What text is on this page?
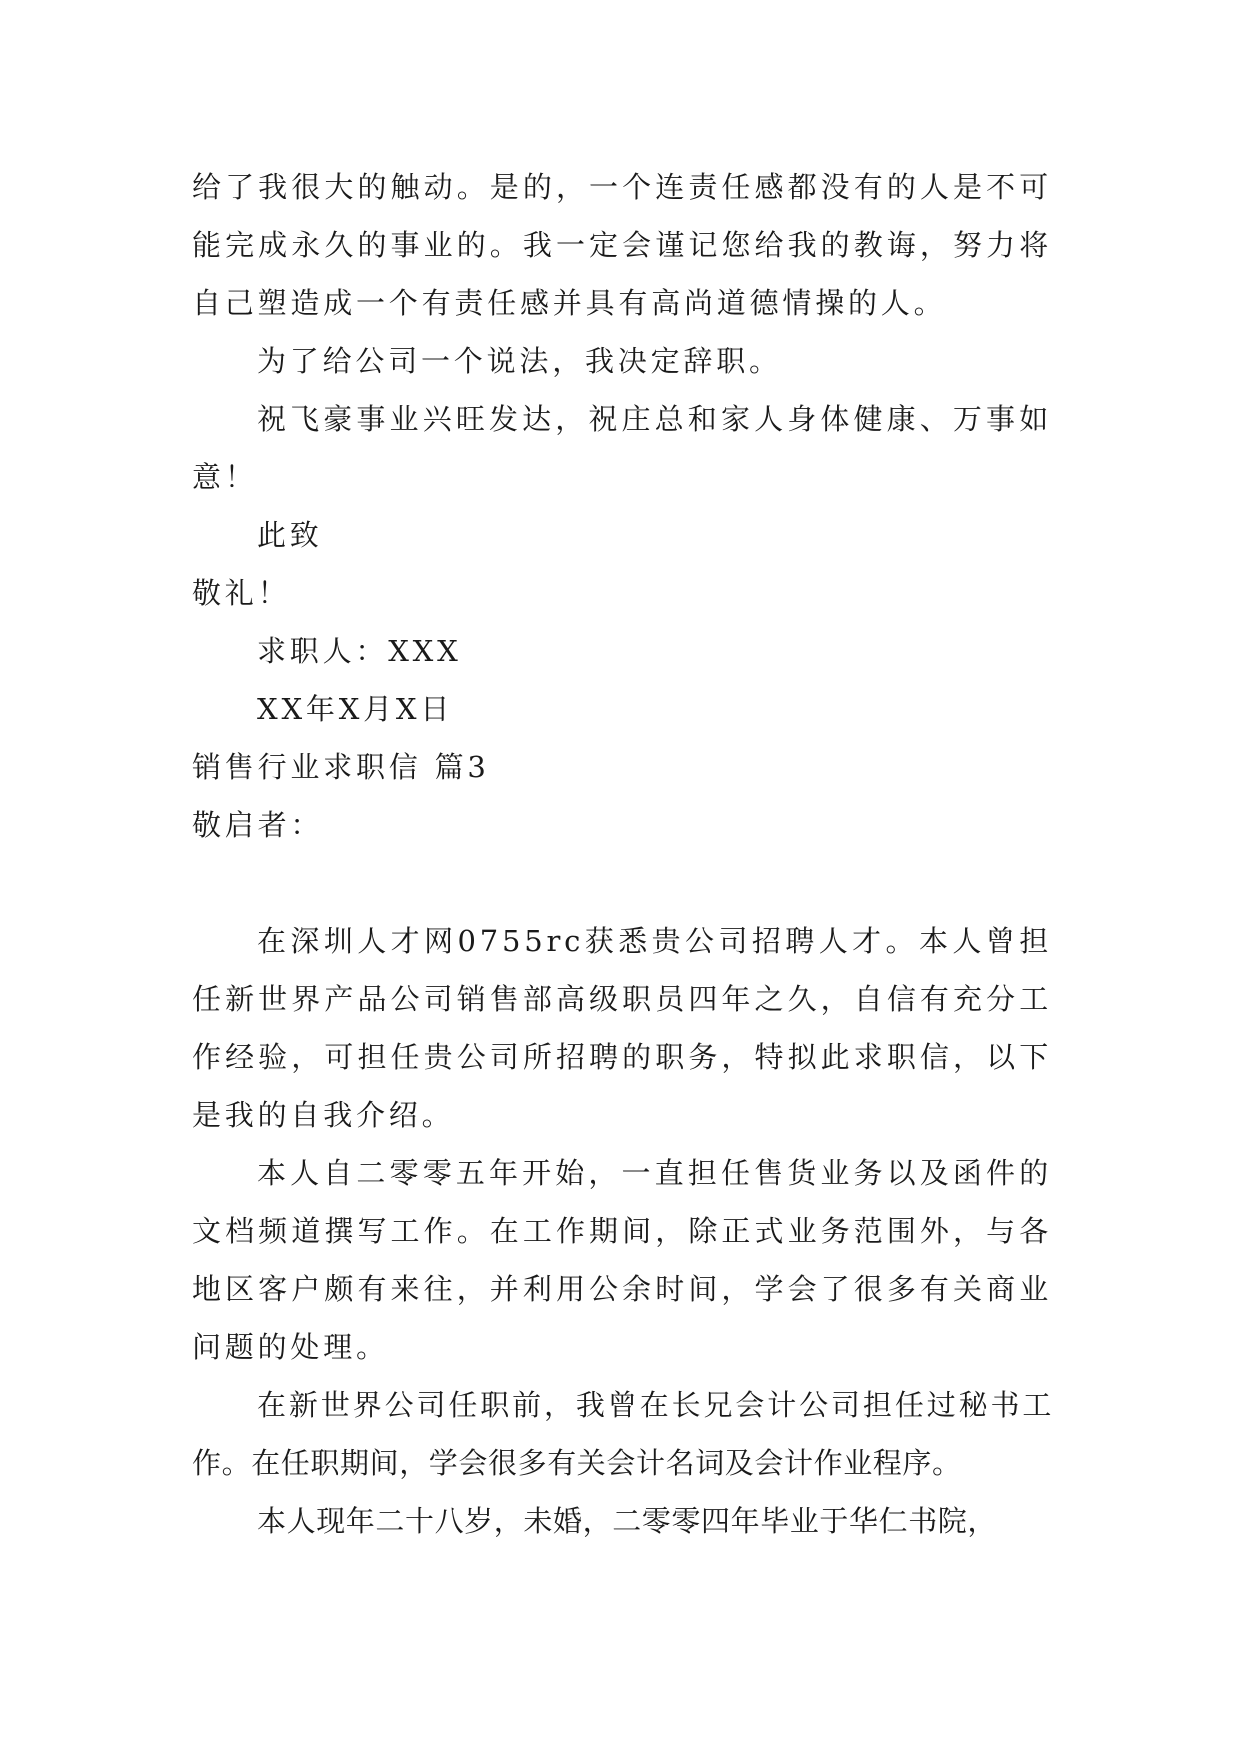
给了我很大的触动。是的，一个连责任感都没有的人是不可能完成永久的事业的。我一定会谨记您给我的教诲，努力将自己塑造成一个有责任感并具有高尚道德情操的人。

为了给公司一个说法，我决定辞职。

祝飞豪事业兴旺发达，祝庄总和家人身体健康、万事如意！

此致

敬礼！

求职人：XXX

XX年X月X日

销售行业求职信 篇3

敬启者：

在深圳人才网0755rc获悉贵公司招聘人才。本人曾担任新世界产品公司销售部高级职员四年之久，自信有充分工作经验，可担任贵公司所招聘的职务，特拟此求职信，以下是我的自我介绍。

本人自二零零五年开始，一直担任售货业务以及函件的文档频道撰写工作。在工作期间，除正式业务范围外，与各地区客户颇有来往，并利用公余时间，学会了很多有关商业问题的处理。

在新世界公司任职前，我曾在长兄会计公司担任过秘书工作。在任职期间，学会很多有关会计名词及会计作业程序。

本人现年二十八岁，未婚，二零零四年毕业于华仁书院，
